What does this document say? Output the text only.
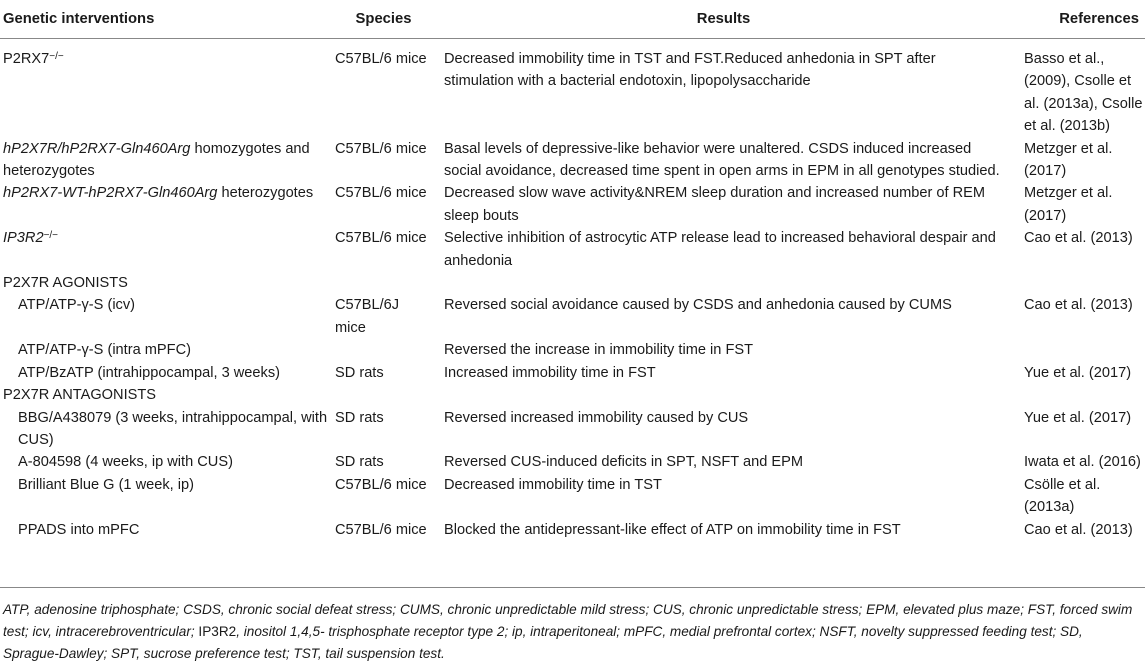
Genetic interventions	Species	Results	References
P2RX7−/−	C57BL/6 mice	Decreased immobility time in TST and FST.Reduced anhedonia in SPT after stimulation with a bacterial endotoxin, lipopolysaccharide	Basso et al., (2009), Csolle et al. (2013a), Csolle et al. (2013b)
hP2X7R/hP2RX7-Gln460Arg homozygotes and heterozygotes	C57BL/6 mice	Basal levels of depressive-like behavior were unaltered. CSDS induced increased social avoidance, decreased time spent in open arms in EPM in all genotypes studied.	Metzger et al. (2017)
hP2RX7-WT-hP2RX7-Gln460Arg heterozygotes	C57BL/6 mice	Decreased slow wave activity&NREM sleep duration and increased number of REM sleep bouts	Metzger et al. (2017)
IP3R2−/−	C57BL/6 mice	Selective inhibition of astrocytic ATP release lead to increased behavioral despair and anhedonia	Cao et al. (2013)
P2X7R AGONISTS			
ATP/ATP-γ-S (icv)	C57BL/6J mice	Reversed social avoidance caused by CSDS and anhedonia caused by CUMS	Cao et al. (2013)
ATP/ATP-γ-S (intra mPFC)		Reversed the increase in immobility time in FST	
ATP/BzATP (intrahippocampal, 3 weeks)	SD rats	Increased immobility time in FST	Yue et al. (2017)
P2X7R ANTAGONISTS			
BBG/A438079 (3 weeks, intrahippocampal, with CUS)	SD rats	Reversed increased immobility caused by CUS	Yue et al. (2017)
A-804598 (4 weeks, ip with CUS)	SD rats	Reversed CUS-induced deficits in SPT, NSFT and EPM	Iwata et al. (2016)
Brilliant Blue G (1 week, ip)	C57BL/6 mice	Decreased immobility time in TST	Csölle et al. (2013a)
PPADS into mPFC	C57BL/6 mice	Blocked the antidepressant-like effect of ATP on immobility time in FST	Cao et al. (2013)
ATP, adenosine triphosphate; CSDS, chronic social defeat stress; CUMS, chronic unpredictable mild stress; CUS, chronic unpredictable stress; EPM, elevated plus maze; FST, forced swim test; icv, intracerebroventricular; IP3R2, inositol 1,4,5- trisphosphate receptor type 2; ip, intraperitoneal; mPFC, medial prefrontal cortex; NSFT, novelty suppressed feeding test; SD, Sprague-Dawley; SPT, sucrose preference test; TST, tail suspension test.
